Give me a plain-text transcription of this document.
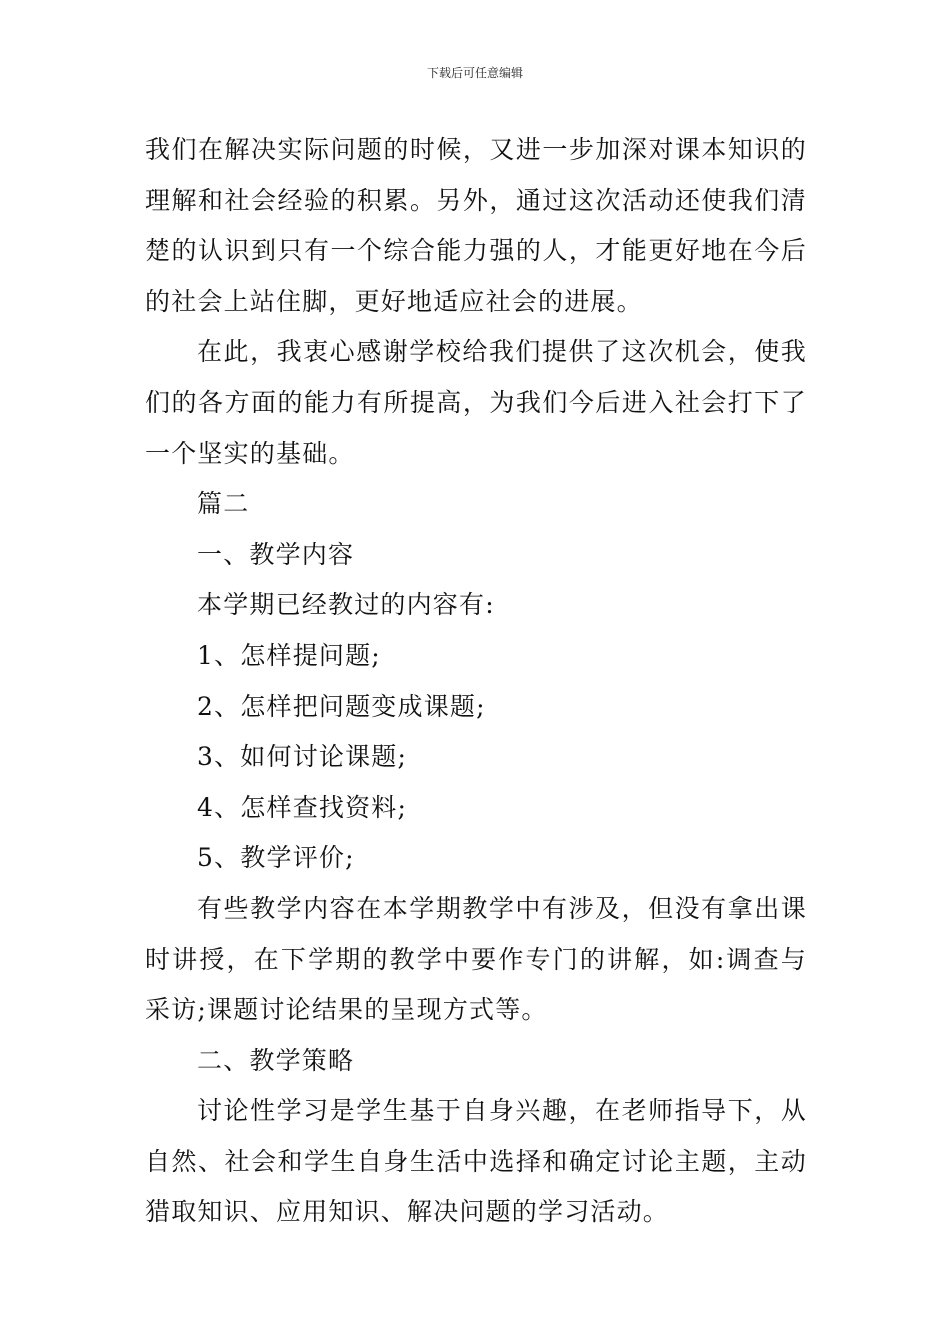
下载后可任意编辑

我们在解决实际问题的时候，又进一步加深对课本知识的理解和社会经验的积累。另外，通过这次活动还使我们清楚的认识到只有一个综合能力强的人，才能更好地在今后的社会上站住脚，更好地适应社会的进展。

在此，我衷心感谢学校给我们提供了这次机会，使我们的各方面的能力有所提高，为我们今后进入社会打下了一个坚实的基础。

篇二

一、教学内容

本学期已经教过的内容有:

1、怎样提问题;

2、怎样把问题变成课题;

3、如何讨论课题;

4、怎样查找资料;

5、教学评价;

有些教学内容在本学期教学中有涉及，但没有拿出课时讲授，在下学期的教学中要作专门的讲解，如:调查与采访;课题讨论结果的呈现方式等。

二、教学策略

讨论性学习是学生基于自身兴趣，在老师指导下，从自然、社会和学生自身生活中选择和确定讨论主题，主动猎取知识、应用知识、解决问题的学习活动。
